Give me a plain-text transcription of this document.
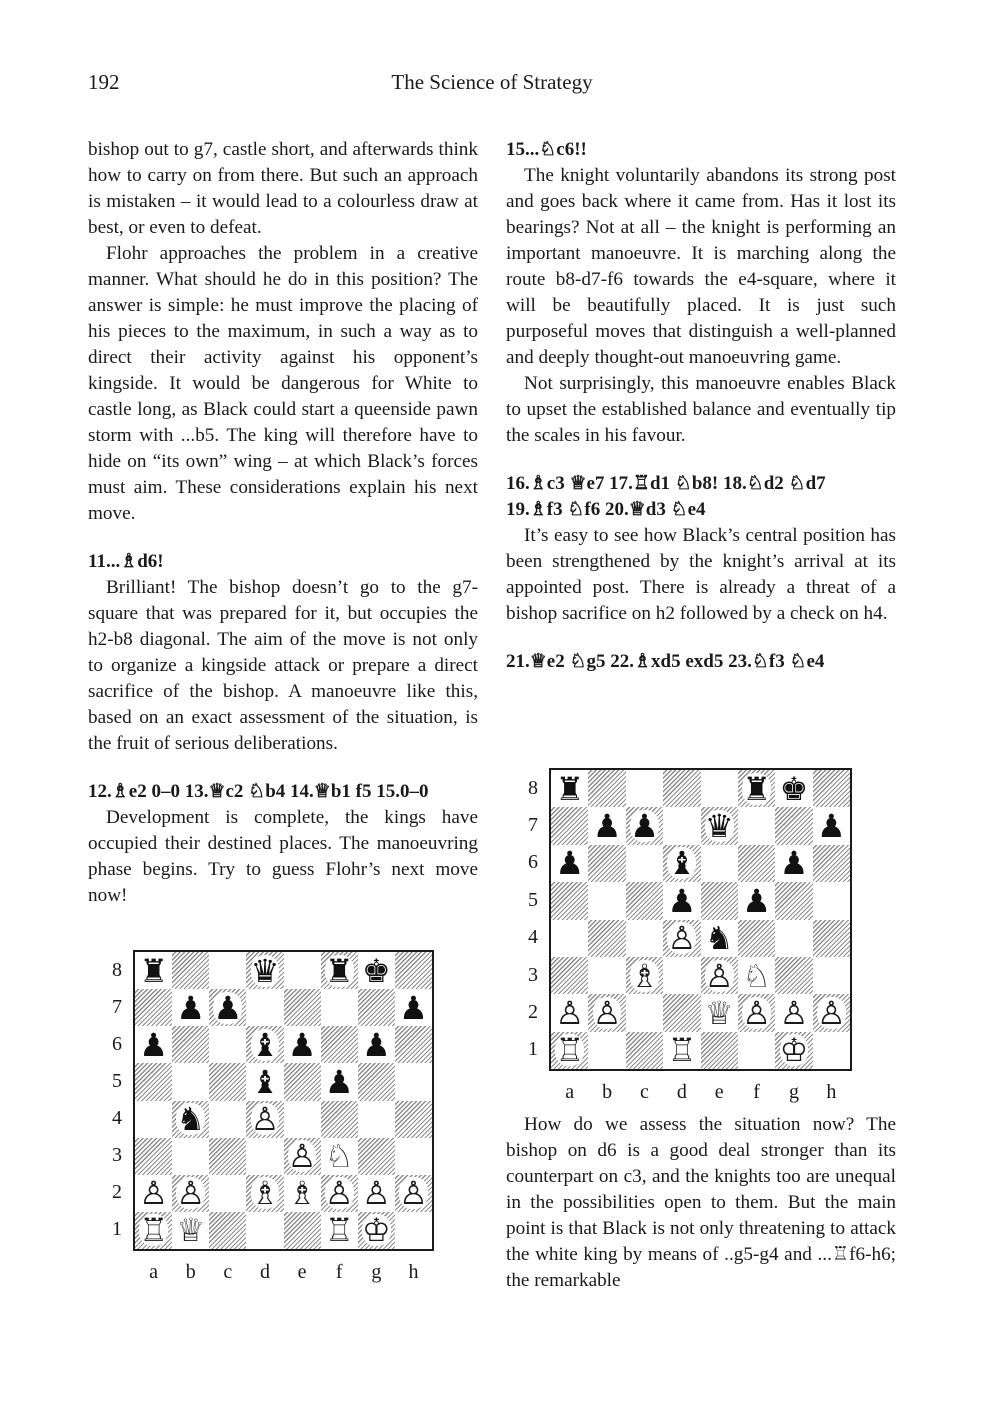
192	The Science of Strategy

bishop out to g7, castle short, and afterwards think how to carry on from there. But such an approach is mistaken – it would lead to a colourless draw at best, or even to defeat.

Flohr approaches the problem in a creative manner. What should he do in this position? The answer is simple: he must improve the placing of his pieces to the maximum, in such a way as to direct their activity against his opponent’s kingside. It would be dangerous for White to castle long, as Black could start a queenside pawn storm with ...b5. The king will therefore have to hide on “its own” wing – at which Black’s forces must aim. These considerations explain his next move.

11...♗d6!

Brilliant! The bishop doesn’t go to the g7-square that was prepared for it, but occupies the h2-b8 diagonal. The aim of the move is not only to organize a kingside attack or prepare a direct sacrifice of the bishop. A manoeuvre like this, based on an exact assessment of the situation, is the fruit of serious deliberations.

12.♗e2 0–0 13.♕c2 ♘b4 14.♕b1 f5 15.0–0

Development is complete, the kings have occupied their destined places. The manoeuvring phase begins. Try to guess Flohr’s next move now!

15...♘c6!!

The knight voluntarily abandons its strong post and goes back where it came from. Has it lost its bearings? Not at all – the knight is performing an important manoeuvre. It is marching along the route b8-d7-f6 towards the e4-square, where it will be beautifully placed. It is just such purposeful moves that distinguish a well-planned and deeply thought-out manoeuvring game.

Not surprisingly, this manoeuvre enables Black to upset the established balance and eventually tip the scales in his favour.

16.♗c3 ♕e7 17.♖d1 ♘b8! 18.♘d2 ♘d7

19.♗f3 ♘f6 20.♕d3 ♘e4

It’s easy to see how Black’s central position has been strengthened by the knight’s arrival at its appointed post. There is already a threat of a bishop sacrifice on h2 followed by a check on h4.

21.♕e2 ♘g5 22.♗xd5 exd5 23.♘f3 ♘e4

How do we assess the situation now? The bishop on d6 is a good deal stronger than its counterpart on c3, and the knights too are unequal in the possibilities open to them. But the main point is that Black is not only threatening to attack the white king by means of ..g5-g4 and ...♖f6-h6; the remarkable

♜	♛ ♜ ♚
♟ ♟	♟
♟	♝ ♟ ♟
♝ ♟
♞ ♙
♙ ♘
♙ ♙ ♗ ♗ ♙ ♙ ♙
♖ ♕	♖ ♔
8
7
6
5
4
3
2
1
a	b	c	d	e	f	g	h
♜	♜ ♚
♟ ♟ ♛	♟
♟	♝	♟
♟ ♟
♙ ♞
♗ ♙ ♘
♙ ♙	♕ ♙ ♙ ♙
♖	♖	♔
8
7
6
5
4
3
2
1
a	b	c	d	e	f	g	h
